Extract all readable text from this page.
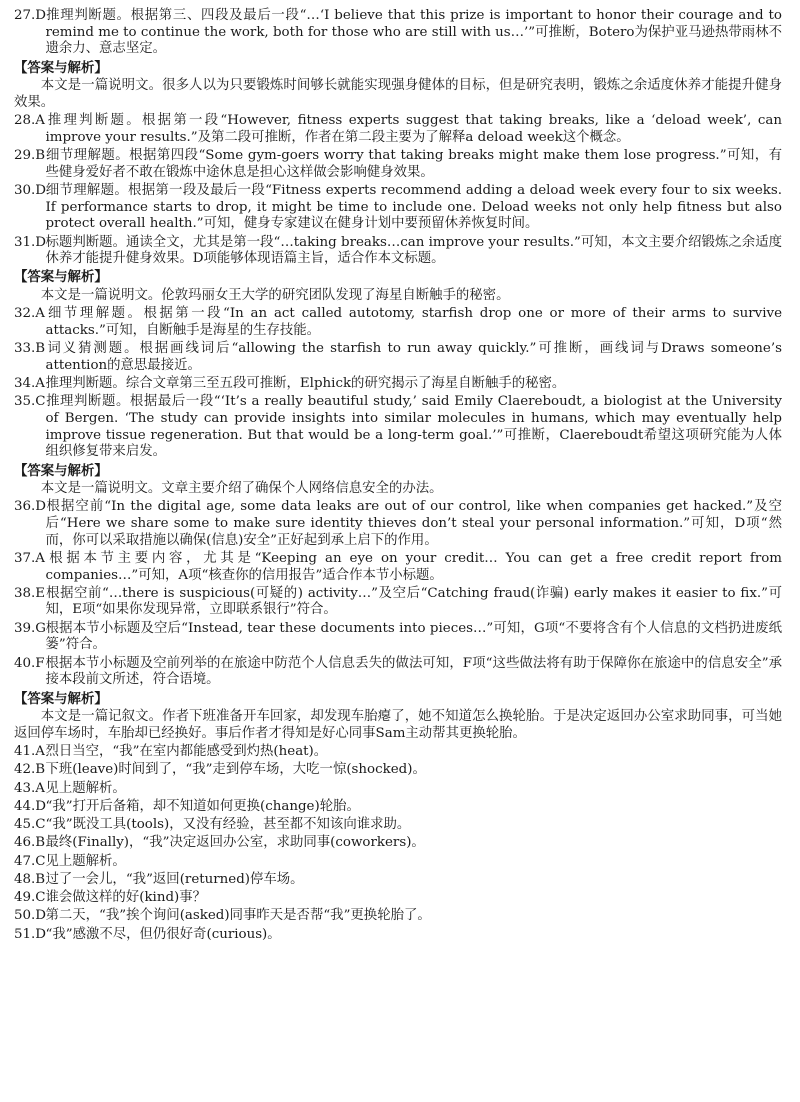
27.D推理判断题。根据第三、四段及最后一段“…‘I believe that this prize is important to honor their courage and to remind me to continue the work, both for those who are still with us…’”可推断，Botero为保护亚马逊热带雨林不遗余力、意志坚定。
【答案与解析】
本文是一篇说明文。很多人以为只要锻炼时间够长就能实现强身健体的目标，但是研究表明，锻炼之余适度休养才能提升健身效果。
28.A推理判断题。根据第一段“However, fitness experts suggest that taking breaks, like a ‘deload week’, can improve your results.”及第二段可推断，作者在第二段主要为了解释a deload week这个概念。
29.B细节理解题。根据第四段“Some gym-goers worry that taking breaks might make them lose progress.”可知，有些健身爱好者不敢在锻炼中途休息是担心这样做会影响健身效果。
30.D细节理解题。根据第一段及最后一段“Fitness experts recommend adding a deload week every four to six weeks. If performance starts to drop, it might be time to include one. Deload weeks not only help fitness but also protect overall health.”可知，健身专家建议在健身计划中要预留休养恢复时间。
31.D标题判断题。通读全文，尤其是第一段“…taking breaks…can improve your results.”可知，本文主要介绍锻炼之余适度休养才能提升健身效果。D项能够体现语篇主旨，适合作本文标题。
【答案与解析】
本文是一篇说明文。伦敦玛丽女王大学的研究团队发现了海星自断触手的秘密。
32.A细节理解题。根据第一段“In an act called autotomy, starfish drop one or more of their arms to survive attacks.”可知，自断触手是海星的生存技能。
33.B词义猜测题。根据画线词后“allowing the starfish to run away quickly.”可推断，画线词与Draws someone’s attention的意思最接近。
34.A推理判断题。综合文章第三至五段可推断，Elphick的研究揭示了海星自断触手的秘密。
35.C推理判断题。根据最后一段“‘It’s a really beautiful study,’ said Emily Claereboudt, a biologist at the University of Bergen. ‘The study can provide insights into similar molecules in humans, which may eventually help improve tissue regeneration. But that would be a long-term goal.’”可推断，Claereboudt希望这项研究能为人体组织修复带来启发。
【答案与解析】
本文是一篇说明文。文章主要介绍了确保个人网络信息安全的办法。
36.D根据空前“In the digital age, some data leaks are out of our control, like when companies get hacked.”及空后“Here we share some to make sure identity thieves don’t steal your personal information.”可知，D项“然而，你可以采取措施以确保(信息)安全”正好起到承上启下的作用。
37.A根据本节主要内容，尤其是“Keeping an eye on your credit… You can get a free credit report from companies…”可知，A项“核查你的信用报告”适合作本节小标题。
38.E根据空前“…there is suspicious(可疑的) activity…”及空后“Catching fraud(诈骗) early makes it easier to fix.”可知，E项“如果你发现异常，立即联系银行”符合。
39.G根据本节小标题及空后“Instead, tear these documents into pieces…”可知，G项“不要将含有个人信息的文档扔进废纸篓”符合。
40.F根据本节小标题及空前列举的在旅途中防范个人信息丢失的做法可知，F项“这些做法将有助于保障你在旅途中的信息安全”承接本段前文所述，符合语境。
【答案与解析】
本文是一篇记叙文。作者下班准备开车回家，却发现车胎瘪了，她不知道怎么换轮胎。于是决定返回办公室求助同事，可当她返回停车场时，车胎却已经换好。事后作者才得知是好心同事Sam主动帮其更换轮胎。
41.A烈日当空，“我”在室内都能感受到灼热(heat)。
42.B下班(leave)时间到了，“我”走到停车场，大吃一惊(shocked)。
43.A见上题解析。
44.D“我”打开后备箱，却不知道如何更换(change)轮胎。
45.C“我”既没工具(tools)，又没有经验，甚至都不知该向谁求助。
46.B最终(Finally)，“我”决定返回办公室，求助同事(coworkers)。
47.C见上题解析。
48.B过了一会儿，“我”返回(returned)停车场。
49.C谁会做这样的好(kind)事？
50.D第二天，“我”挨个询问(asked)同事昨天是否帮“我”更换轮胎了。
51.D“我”感激不尽，但仍很好奇(curious)。
